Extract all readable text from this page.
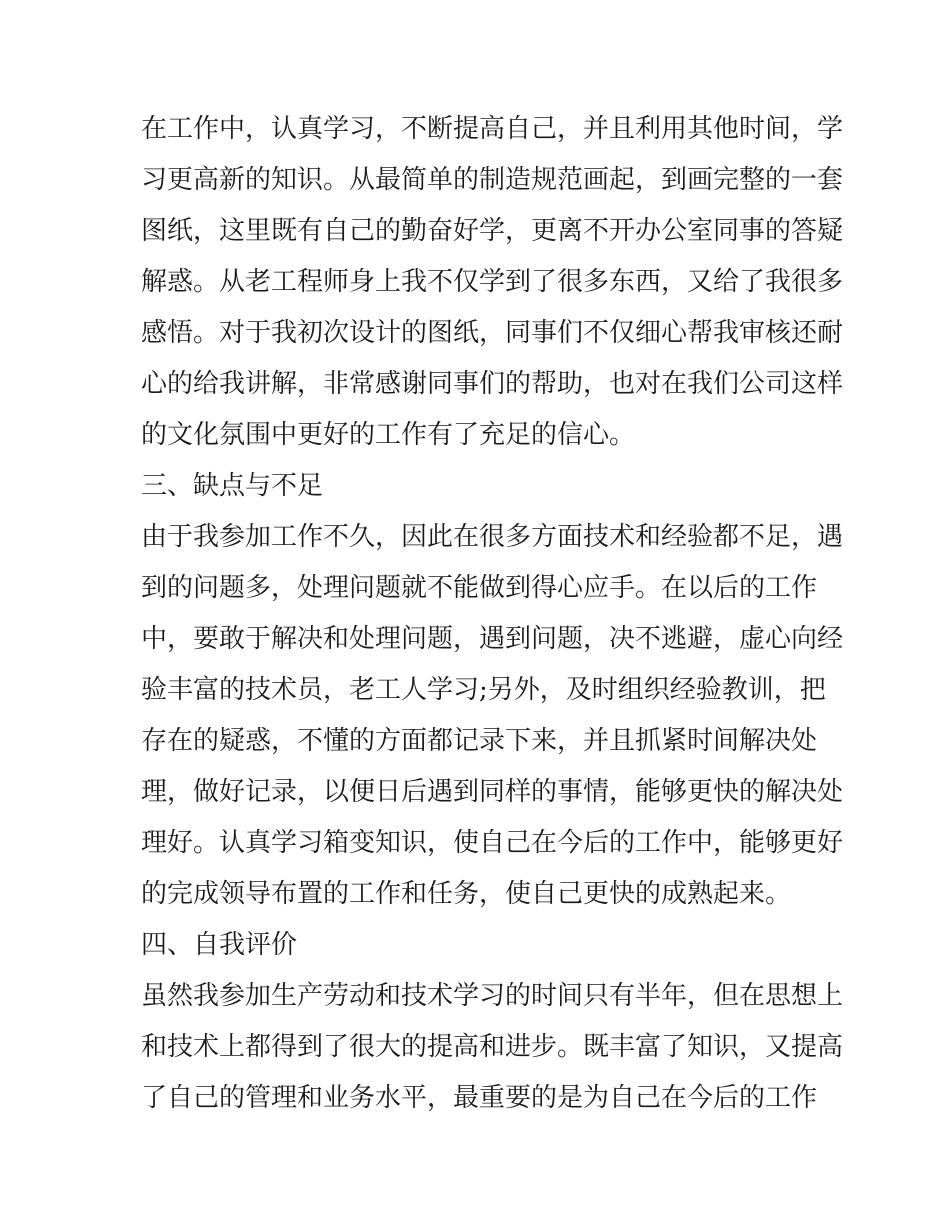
在工作中，认真学习，不断提高自己，并且利用其他时间，学
习更高新的知识。从最简单的制造规范画起，到画完整的一套
图纸，这里既有自己的勤奋好学，更离不开办公室同事的答疑
解惑。从老工程师身上我不仅学到了很多东西，又给了我很多
感悟。对于我初次设计的图纸，同事们不仅细心帮我审核还耐
心的给我讲解，非常感谢同事们的帮助，也对在我们公司这样
的文化氛围中更好的工作有了充足的信心。
三、缺点与不足
由于我参加工作不久，因此在很多方面技术和经验都不足，遇
到的问题多，处理问题就不能做到得心应手。在以后的工作
中，要敢于解决和处理问题，遇到问题，决不逃避，虚心向经
验丰富的技术员，老工人学习;另外，及时组织经验教训，把
存在的疑惑，不懂的方面都记录下来，并且抓紧时间解决处
理，做好记录，以便日后遇到同样的事情，能够更快的解决处
理好。认真学习箱变知识，使自己在今后的工作中，能够更好
的完成领导布置的工作和任务，使自己更快的成熟起来。
四、自我评价
虽然我参加生产劳动和技术学习的时间只有半年，但在思想上
和技术上都得到了很大的提高和进步。既丰富了知识，又提高
了自己的管理和业务水平，最重要的是为自己在今后的工作
